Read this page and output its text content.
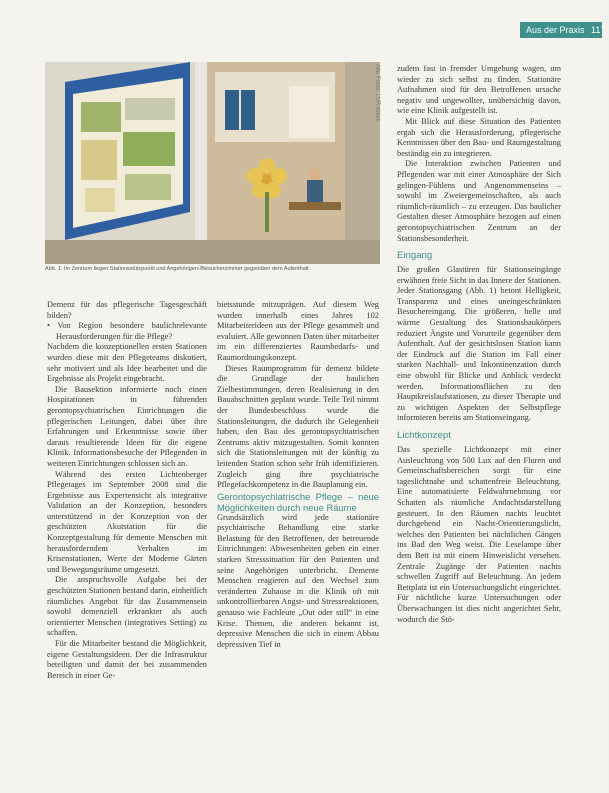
Aus der Praxis 117
Alle Fotos: LVR-Klinik
Abb. 1: Im Zentrum liegen Stationsstützpunkt und Angehörigen-/Besucherzimmer gegenüber dem Aufenthalt.

Demenz für das pflegerische Tagesgeschäft bilden?

• Von Region besondere baulichrelevante Herausforderungen für die Pflege?

Nachdem die konzeptionellen ersten Stationen wurden diese mit den Pflegeteams diskutiert, sehr motiviert und als Idee bearbeitet und die Ergebnisse als Projekt eingebracht.

Die Bausektion informierte noch einen Hospitationen in führenden gerontopsychiatrischen Einrichtungen die pflegerischen Leitungen, dabei über ihre Erfahrungen und Erkenntnisse sowie über daraus resultierende Ideen für die eigene Klinik. Informationsbesuche der Pflegenden in weiteren Einrichtungen schlossen sich an.

Während des ersten Lichtenberger Pflegetages im September 2008 sind die Ergebnisse aus Expertensicht als integrative Validation an der Konzeption, besonders unterstützend in der Konzeption von der geschützten Akutstation für die Konzeptgestaltung für demente Menschen mit herausforderndem Verhalten im Krisenstationen, Werte der Moderne Gärten und Bewegungsräume umgesetzt.

Die anspruchsvolle Aufgabe bei der geschützten Stationen bestand darin, einheitlich räumliches Angebot für das Zusammensein sowohl demenziell erkrankter als auch orientierter Menschen (integratives Setting) zu schaffen.

Für die Mitarbeiter bestand die Möglichkeit, eigene Gestaltungsideen. Der die Infrastruktur beteiligten und damit der bei zusammenden Bereich in einer Ge-

bietsstunde mitzuprägen. Auf diesem Weg wurden innerhalb eines Jahres 102 Mitarbeiterideen aus der Pflege gesammelt und evaluiert. Alle gewonnen Daten über mitarbeiter im ein differenziertes Raumbedarfs- und Raumordnungskonzept.

Dieses Raumprogramm für demenz bildete die Grundlage der baulichen Zielbestimmungen, deren Realisierung in den Bauabschnitten geplant wurde. Teile Teil nimmt der Bundesbeschluss wurde die Stationsleitungen, die dadurch ihr Gelegenheit haben, den Bau des gerontopsychiatrischen Zentrums aktiv mitzugestalten. Somit konnten sich die Stationsleitungen mit der künftig zu leitenden Station schon sehr früh identifizieren. Zugleich ging ihre psychiatrische Pflegefachkompetenz in die Bauplanung ein.

Gerontopsychiatrische Pflege – neue Möglichkeiten durch neue Räume

Grundsätzlich wird jede stationäre psychiatrische Behandlung eine starke Belastung für den Betroffenen, der betreuende Einrichtungen: Abwesenheiten geben ein einer starken Stresssituation für den Patienten und seine Angehörigen unterbricht. Demente Menschen reagieren auf den Wechsel zum veränderten Zuhause in die Klinik oft mit unkontrollierbaren Angst- und Stressreaktionen, genauso wie Fachleute „Out oder still“ in eine Krise. Themen, die anderen bekannt ist, depressive Menschen die sich in einem Abbau depressiven Tief in

zudem fast in fremder Umgebung wagen, um wieder zu sich selbst zu finden. Stationäre Aufnahmen sind für den Betroffenen ursache negativ und ungewollter, unübersichtig davon, wie eine Klinik aufgestellt ist.

Mit Blick auf diese Situation des Patienten ergab sich die Herausforderung, pflegerische Kenntnissen über den Bau- und Raumgestaltung beständig ein zu integrieren.

Die Interaktion zwischen Patienten und Pflegenden war mit einer Atmosphäre der Sich gelingen-Fühlens und Angenommenseins – sowohl im Zweiergemeinschaften, als auch räumlich-räumlich – zu erzeugen. Das baulicher Gestalten dieser Atmosphäre bezogen auf einen gerontopsychiatrischen Zentrum an der Stationsbesonderheit.

Eingang

Die großen Glastüren für Stationseingänge erwähnen freie Sicht in das Innere der Stationen. Jeder Stationsgang (Abb. 1) betont Helligkeit, Transparenz und eines uneingeschränkten Besuchereingang. Die größeren, helle und wärme Gestaltung des Stationsbaukörpers reduziert Ängste und Vorurteile gegenüber dem Aufenthalt. Auf der gesichtslosen Station kann der Eindruck auf die Station im Fall einer starken Nachhall- und Inkontinenzation durch eine obwohl für Blicke und Anblick verdeckt werden. Informationsflächen zu den Hauptkreislaufstationen, zu dieser Therapie und zu wichtigen Aspekten der Selbstpflege informieren bereits am Stationseingang.

Lichtkonzept

Das spezielle Lichtkonzept mit einer Ausleuchtung von 500 Lux auf den Fluren und Gemeinschaftsbereichen sorgt für eine tageslichtnahe und schattenfreie Beleuchtung. Eine automatisierte Feldwahrnehmung vor Schatten als räumliche Andachtsdarstellung gesteuert. In den Räumen nachts leuchtet durchgehend ein Nacht-Orientierungslicht, welches den Patienten bei nächtlichen Gängen ins Bad den Weg weist. Die Leselampe über dem Bett ist mit einem Hinweislicht versehen. Zentrale Zugänge der Patienten nachts schwellen Zugriff auf Beleuchtung. An jedem Bettplatz ist ein Untersuchungslicht eingerichtet. Für nächtliche kurze Untersuchungen oder Überwachungen ist dies nicht angerichtet Sehr, wodurch die Stö-
